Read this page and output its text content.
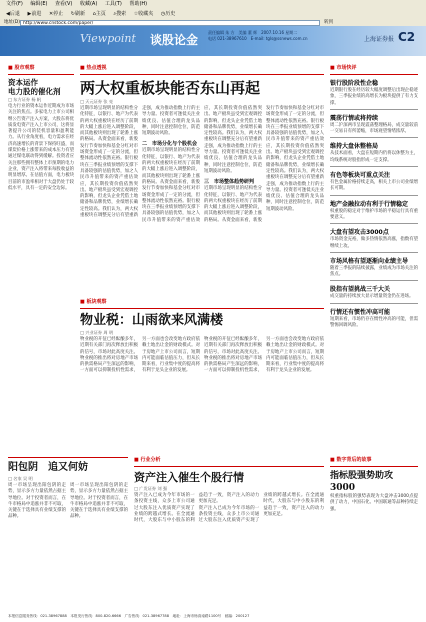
文件(F) 编辑(E) 查看(V) 收藏(A) 工具(T) 帮助(H)
◀后退 ▶前进 ✕停止 ↻刷新 ⌂主页 ⌕搜索 ☆收藏夹 ◷历史
地址(D) http://www.cnstock.com/paper/	转到
Viewpoint 谈股论金
责任编辑 朱 方　美编 董 辉　2007.10.16 星期二
电话 021-38967610　E-mail: tgls@ssnews.com.cn	上海证券报 C2
■ 股市观察
资本运作
电力股的催化剂
□ 东方证券 杨 帆
电力行业的资本运作近期成为市场关注的焦点。多家电力上市公司相继公告资产注入方案，大股东将优质发电资产注入上市公司，这将显著提升公司的装机容量和盈利能力。从行业角度看，电力需求在经济高速增长的背景下保持旺盛，而煤炭价格上涨带来的成本压力有望通过煤电联动得到缓解。投资者应关注那些拥有整体上市预期的电力企业，资产注入将带来每股收益的明显增厚。在估值方面，电力板块目前的市盈率相对于大盘仍处于较低水平，具有一定的安全边际。
■ 热点透视
两大权重板块能否东山再起
□ 天元证券 张 亮
近期市场呈现明显的结构性分化特征，以银行、地产为代表的两大权重板块在经历了前期的大幅上涨后进入调整阶段，而其他板块则出现了轮番上涨的格局。从资金面来看，新股发行节奏加快和基金分红对市场资金形成了一定的分流，但整体流动性依然充裕。银行板块在三季报业绩预增的支撑下具备较强的估值优势，加之人民币升值带来的资产重估效应，其长期投资价值依然突出。地产板块虽受到宏观调控的影响，但龙头企业凭借土地储备和品牌优势，业绩增长确定性较高。我们认为，两大权重板块在调整充分后有望重新走强，成为推动指数上行的主导力量。投资者可逢低关注业绩优良、估值合理的龙头品种，同时注意控制仓位，防范短期波动风险。
二　市场分化与个股机会
近期市场呈现明显的结构性分化特征，以银行、地产为代表的两大权重板块在经历了前期的大幅上涨后进入调整阶段，而其他板块则出现了轮番上涨的格局。从资金面来看，新股发行节奏加快和基金分红对市场资金形成了一定的分流，但整体流动性依然充裕。银行板块在三季报业绩预增的支撑下具备较强的估值优势，加之人民币升值带来的资产重估效应，其长期投资价值依然突出。地产板块虽受到宏观调控的影响，但龙头企业凭借土地储备和品牌优势，业绩增长确定性较高。我们认为，两大权重板块在调整充分后有望重新走强，成为推动指数上行的主导力量。投资者可逢低关注业绩优良、估值合理的龙头品种，同时注意控制仓位，防范短期波动风险。
三　市场整体趋势研判
近期市场呈现明显的结构性分化特征，以银行、地产为代表的两大权重板块在经历了前期的大幅上涨后进入调整阶段，而其他板块则出现了轮番上涨的格局。从资金面来看，新股发行节奏加快和基金分红对市场资金形成了一定的分流，但整体流动性依然充裕。银行板块在三季报业绩预增的支撑下具备较强的估值优势，加之人民币升值带来的资产重估效应，其长期投资价值依然突出。地产板块虽受到宏观调控的影响，但龙头企业凭借土地储备和品牌优势，业绩增长确定性较高。我们认为，两大权重板块在调整充分后有望重新走强，成为推动指数上行的主导力量。投资者可逢低关注业绩优良、估值合理的龙头品种，同时注意控制仓位，防范短期波动风险。
■ 板块观察
物业税：山雨欲来风满楼
□ 兴业证券 周 明
物业税的开征已经酝酿多年，近期有关部门再次释放出积极的信号，市场对此高度关注。物业税的推出将对房地产市场的供需格局产生深远的影响，一方面可以抑制投机性需求，另一方面也会改变地方政府依赖土地出让金的财政模式。对于房地产上市公司而言，短期内可能面临估值压力，但从长期来看，行业集中度的提高将有利于龙头企业的发展。
物业税的开征已经酝酿多年，近期有关部门再次释放出积极的信号，市场对此高度关注。物业税的推出将对房地产市场的供需格局产生深远的影响，一方面可以抑制投机性需求，另一方面也会改变地方政府依赖土地出让金的财政模式。对于房地产上市公司而言，短期内可能面临估值压力，但从长期来看，行业集中度的提高将有利于龙头企业的发展。
■ 市场快评
银行股阶段性企稳
近期银行股在经历较大幅度调整后出现企稳迹象，三季报业绩的高增长为板块提供了有力支撑。
震荡行情或将持续
周二沪深两市呈现震荡整理格局，成交量较前一交易日有所萎缩，市场观望情绪浓厚。
维持大盘休整格局
从技术面看，大盘在短期内仍将以休整为主，均线系统对股指形成一定支撑。
有色等板块可重点关注
有色金属价格持续走高，相关上市公司业绩增长可期。
地产金融拉动有利于行情稳定
权重股的稳定对于维护市场的平稳运行具有重要意义。
大盘有望攻击3000点
市场资金充裕，做多热情依然高涨，指数有望继续上攻。
市场风格有望逐渐向业绩主导
随着三季报的陆续披露，业绩成为市场关注的焦点。
股指有望挑战三千大关
成交量的持续放大显示增量资金仍在进场。
行情还有惯性冲高可能
短期来看，市场仍存在惯性冲高的可能，但需警惕回调风险。
阳包阴　追又何妨
□ 名家 吴 明
周一市场呈现出阳包阴的走势，显示多方力量依然占据主导地位。对于投资者而言，在牛市格局中追涨并非不可取，关键在于选择具有业绩支撑的品种。
周一市场呈现出阳包阴的走势，显示多方力量依然占据主导地位。对于投资者而言，在牛市格局中追涨并非不可取，关键在于选择具有业绩支撑的品种。
■ 行业分析
资产注入催生个股行情
□ 广发证券 刘 强
资产注入已成为今年市场的一条投资主线，众多上市公司通过大股东注入优质资产实现了业绩的跨越式增长。在全流通时代，大股东与中小股东的利益趋于一致，资产注入的动力更加充足。
资产注入已成为今年市场的一条投资主线，众多上市公司通过大股东注入优质资产实现了业绩的跨越式增长。在全流通时代，大股东与中小股东的利益趋于一致，资产注入的动力更加充足。
■ 数字背后的故事
指标股强势助攻3000
权重指标股的强势表现为大盘冲击3000点提供了动力，中国石化、中国联通等品种持续走强。
本报信息服务热线：021-38967888　本报发行热线：800-820-6666　广告热线：021-38967788　地址：上海市杨高南路1100号　邮编：200127
